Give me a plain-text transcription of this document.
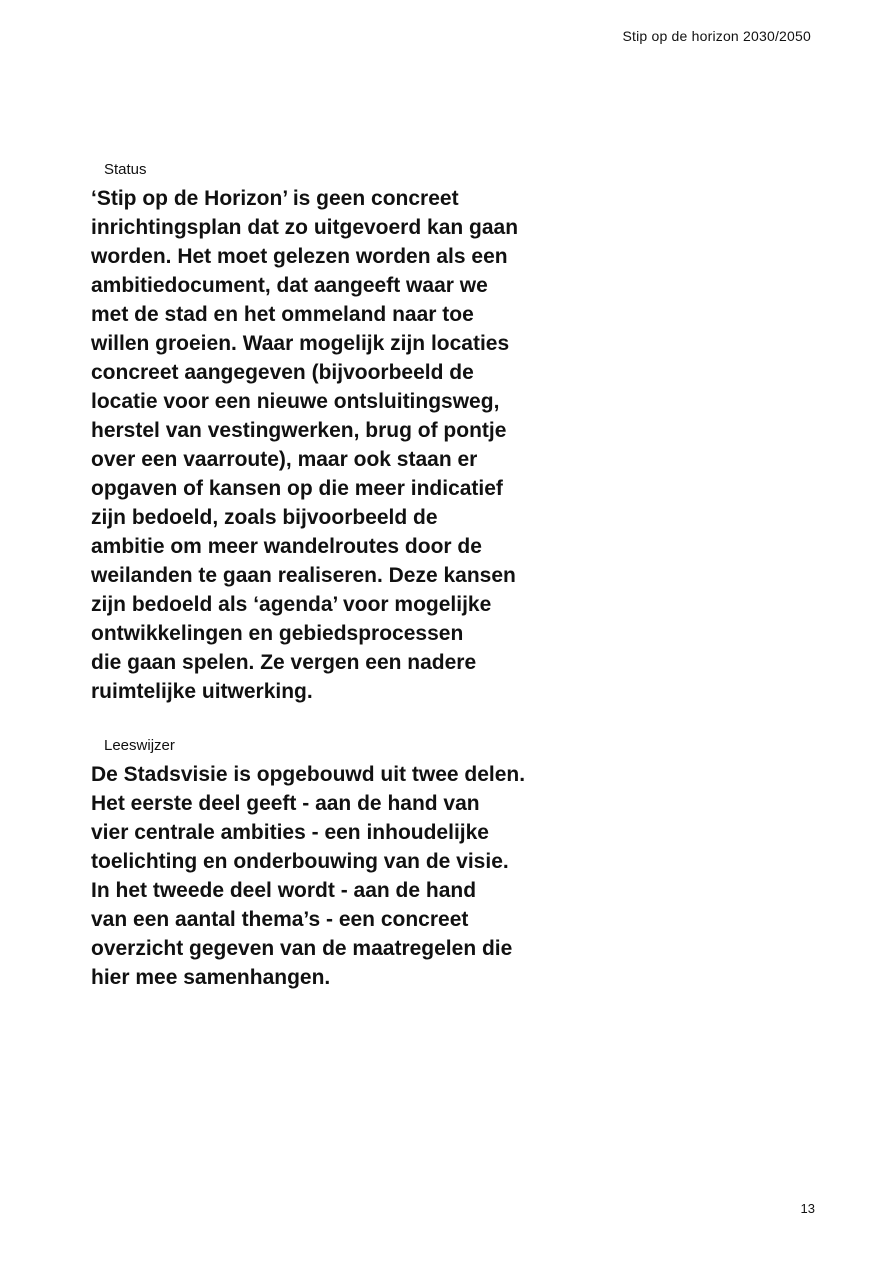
Stip op de horizon 2030/2050
Status

‘Stip op de Horizon’ is geen concreet
inrichtingsplan dat zo uitgevoerd kan gaan
worden. Het moet gelezen worden als een
ambitiedocument, dat aangeeft waar we
met de stad en het ommeland naar toe
willen groeien. Waar mogelijk zijn locaties
concreet aangegeven (bijvoorbeeld de
locatie voor een nieuwe ontsluitingsweg,
herstel van vestingwerken, brug of pontje
over een vaarroute), maar ook staan er
opgaven of kansen op die meer indicatief
zijn bedoeld, zoals bijvoorbeeld de
ambitie om meer wandelroutes door de
weilanden te gaan realiseren. Deze kansen
zijn bedoeld als ‘agenda’ voor mogelijke
ontwikkelingen en gebiedsprocessen
die gaan spelen. Ze vergen een nadere
ruimtelijke uitwerking.

Leeswijzer

De Stadsvisie is opgebouwd uit twee delen.
Het eerste deel geeft - aan de hand van
vier centrale ambities - een inhoudelijke
toelichting en onderbouwing van de visie.
In het tweede deel wordt - aan de hand
van een aantal thema’s - een concreet
overzicht gegeven van de maatregelen die
hier mee samenhangen.

13
